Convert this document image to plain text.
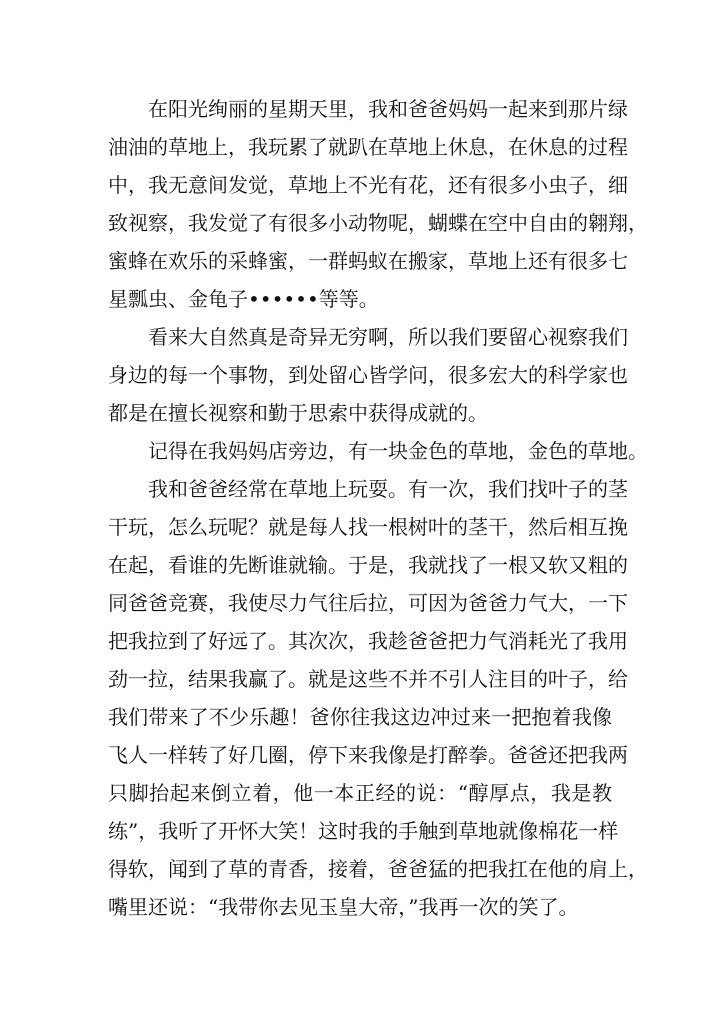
在阳光绚丽的星期天里，我和爸爸妈妈一起来到那片绿
油油的草地上，我玩累了就趴在草地上休息，在休息的过程
中，我无意间发觉，草地上不光有花，还有很多小虫子，细
致视察，我发觉了有很多小动物呢，蝴蝶在空中自由的翱翔，
蜜蜂在欢乐的采蜂蜜，一群蚂蚁在搬家，草地上还有很多七
星瓢虫、金龟子••••••等等。
看来大自然真是奇异无穷啊，所以我们要留心视察我们
身边的每一个事物，到处留心皆学问，很多宏大的科学家也
都是在擅长视察和勤于思索中获得成就的。
记得在我妈妈店旁边，有一块金色的草地，金色的草地。
我和爸爸经常在草地上玩耍。有一次，我们找叶子的茎
干玩，怎么玩呢？就是每人找一根树叶的茎干，然后相互挽
在起，看谁的先断谁就输。于是，我就找了一根又软又粗的
同爸爸竞赛，我使尽力气往后拉，可因为爸爸力气大，一下
把我拉到了好远了。其次次，我趁爸爸把力气消耗光了我用
劲一拉，结果我赢了。就是这些不并不引人注目的叶子，给
我们带来了不少乐趣！爸你往我这边冲过来一把抱着我像
飞人一样转了好几圈，停下来我像是打醉拳。爸爸还把我两
只脚抬起来倒立着，他一本正经的说：“醇厚点，我是教
练”，我听了开怀大笑！这时我的手触到草地就像棉花一样
得软，闻到了草的青香，接着，爸爸猛的把我扛在他的肩上，
嘴里还说：“我带你去见玉皇大帝，”我再一次的笑了。
